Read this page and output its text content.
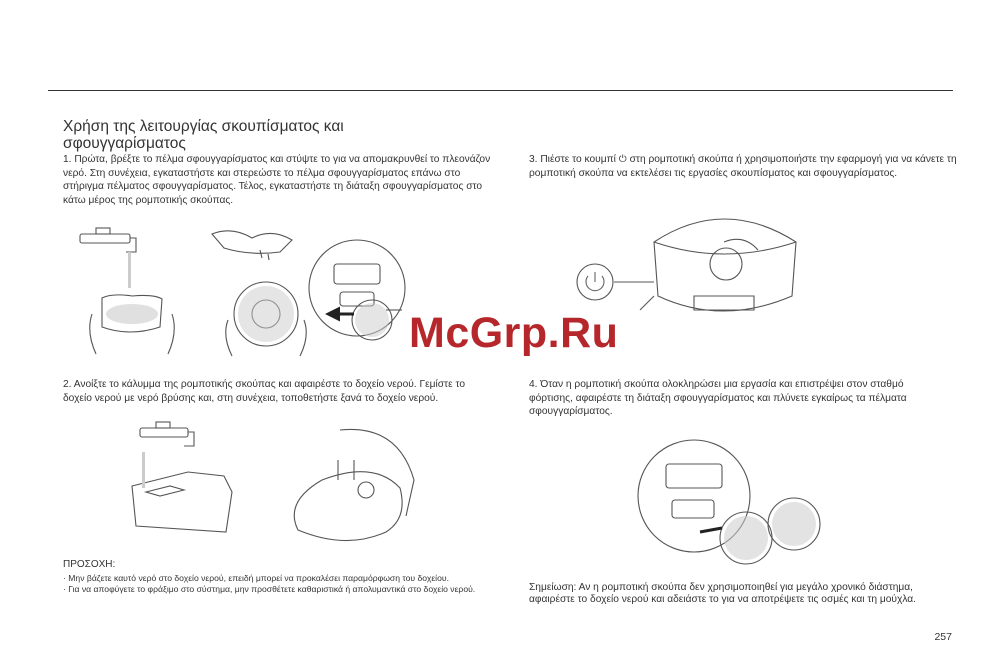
Χρήση της λειτουργίας σκουπίσματος και σφουγγαρίσματος
1. Πρώτα, βρέξτε το πέλμα σφουγγαρίσματος και στύψτε το για να απομακρυνθεί το πλεονάζον νερό. Στη συνέχεια, εγκαταστήστε και στερεώστε το πέλμα σφουγγαρίσματος επάνω στο στήριγμα πέλματος σφουγγαρίσματος. Τέλος, εγκαταστήστε τη διάταξη σφουγγαρίσματος στο κάτω μέρος της ρομποτικής σκούπας.
2. Ανοίξτε το κάλυμμα της ρομποτικής σκούπας και αφαιρέστε το δοχείο νερού. Γεμίστε το δοχείο νερού με νερό βρύσης και, στη συνέχεια, τοποθετήστε ξανά το δοχείο νερού.
3. Πιέστε το κουμπί ⏻ στη ρομποτική σκούπα ή χρησιμοποιήστε την εφαρμογή για να κάνετε τη ρομποτική σκούπα να εκτελέσει τις εργασίες σκουπίσματος και σφουγγαρίσματος.
4. Όταν η ρομποτική σκούπα ολοκληρώσει μια εργασία και επιστρέψει στον σταθμό φόρτισης, αφαιρέστε τη διάταξη σφουγγαρίσματος και πλύνετε εγκαίρως τα πέλματα σφουγγαρίσματος.
McGrp.Ru
ΠΡΟΣΟΧΗ:
· Μην βάζετε καυτό νερό στο δοχείο νερού, επειδή μπορεί να προκαλέσει παραμόρφωση του δοχείου.
· Για να αποφύγετε το φράξιμο στο σύστημα, μην προσθέτετε καθαριστικά ή απολυμαντικά στο δοχείο νερού.	Σημείωση: Αν η ρομποτική σκούπα δεν χρησιμοποιηθεί για μεγάλο χρονικό διάστημα, αφαιρέστε το δοχείο νερού και αδειάστε το για να αποτρέψετε τις οσμές και τη μούχλα.
257
